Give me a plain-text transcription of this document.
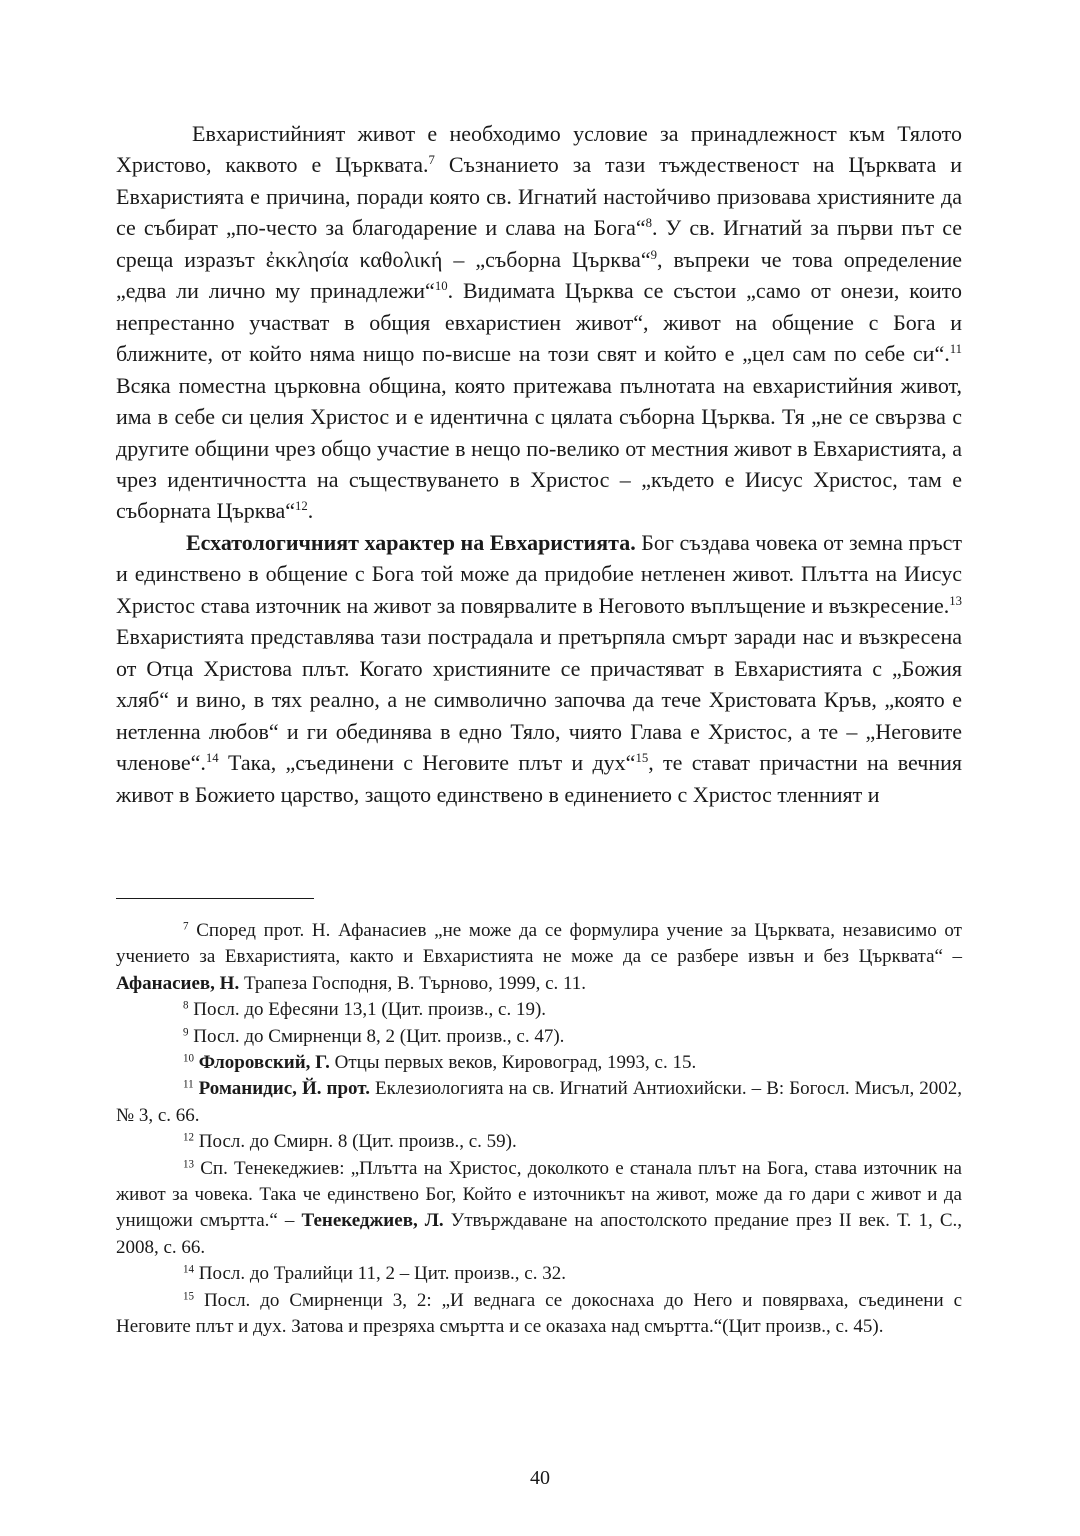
Евхаристийният живот е необходимо условие за принадлежност към Тялото Христово, каквото е Църквата.$^7$ Съзнанието за тази тъждественост на Църквата и Евхаристията е причина, поради която св. Игнатий настойчиво призовава християните да се събират „по-често за благодарение и слава на Бога“$^8$. У св. Игнатий за първи път се среща изразът ἐκκλησία καθολική – „съборна Църква“$^9$, въпреки че това определение „едва ли лично му принадлежи“$^{10}$. Видимата Църква се състои „само от онези, които непрестанно участват в общия евхаристиен живот“, живот на общение с Бога и ближните, от който няма нищо по-висше на този свят и който е „цел сам по себе си“.$^{11}$ Всяка поместна църковна община, която притежава пълнотата на евхаристийния живот, има в себе си целия Христос и е идентична с цялата съборна Църква. Тя „не се свързва с другите общини чрез общо участие в нещо по-велико от местния живот в Евхаристията, а чрез идентичността на съществуването в Христос – „където е Иисус Христос, там е съборната Църква“$^{12}$.

Есхатологичният характер на Евхаристията. Бог създава човека от земна пръст и единствено в общение с Бога той може да придобие нетленен живот. Плътта на Иисус Христос става източник на живот за повярвалите в Неговото въплъщение и възкресение.$^{13}$ Евхаристията представлява тази пострадала и претърпяла смърт заради нас и възкресена от Отца Христова плът. Когато християните се причастяват в Евхаристията с „Божия хляб“ и вино, в тях реално, а не символично започва да тече Христовата Кръв, „която е нетленна любов“ и ги обединява в едно Тяло, чиято Глава е Христос, а те – „Неговите членове“.$^{14}$ Така, „съединени с Неговите плът и дух“$^{15}$, те стават причастни на вечния живот в Божието царство, защото единствено в единението с Христос тленният и

$^7$ Според прот. Н. Афанасиев „не може да се формулира учение за Църквата, независимо от учението за Евхаристията, както и Евхаристията не може да се разбере извън и без Църквата“ – Афанасиев, Н. Трапеза Господня, В. Търново, 1999, с. 11.

$^8$ Посл. до Ефесяни 13,1 (Цит. произв., с. 19).

$^9$ Посл. до Смирненци 8, 2 (Цит. произв., с. 47).

$^{10}$ Флоровский, Г. Отцы первых веков, Кировоград, 1993, с. 15.

$^{11}$ Романидис, Й. прот. Еклезиологията на св. Игнатий Антиохийски. – В: Богосл. Мисъл, 2002, № 3, с. 66.

$^{12}$ Посл. до Смирн. 8 (Цит. произв., с. 59).

$^{13}$ Сп. Тенекеджиев: „Плътта на Христос, доколкото е станала плът на Бога, става източник на живот за човека. Така че единствено Бог, Който е източникът на живот, може да го дари с живот и да унищожи смъртта.“ – Тенекеджиев, Л. Утвърждаване на апостолското предание през II век. Т. 1, С., 2008, с. 66.

$^{14}$ Посл. до Тралийци 11, 2 – Цит. произв., с. 32.

$^{15}$ Посл. до Смирненци 3, 2: „И веднага се докоснаха до Него и повярваха, съединени с Неговите плът и дух. Затова и презряха смъртта и се оказаха над смъртта.“(Цит произв., с. 45).

40
